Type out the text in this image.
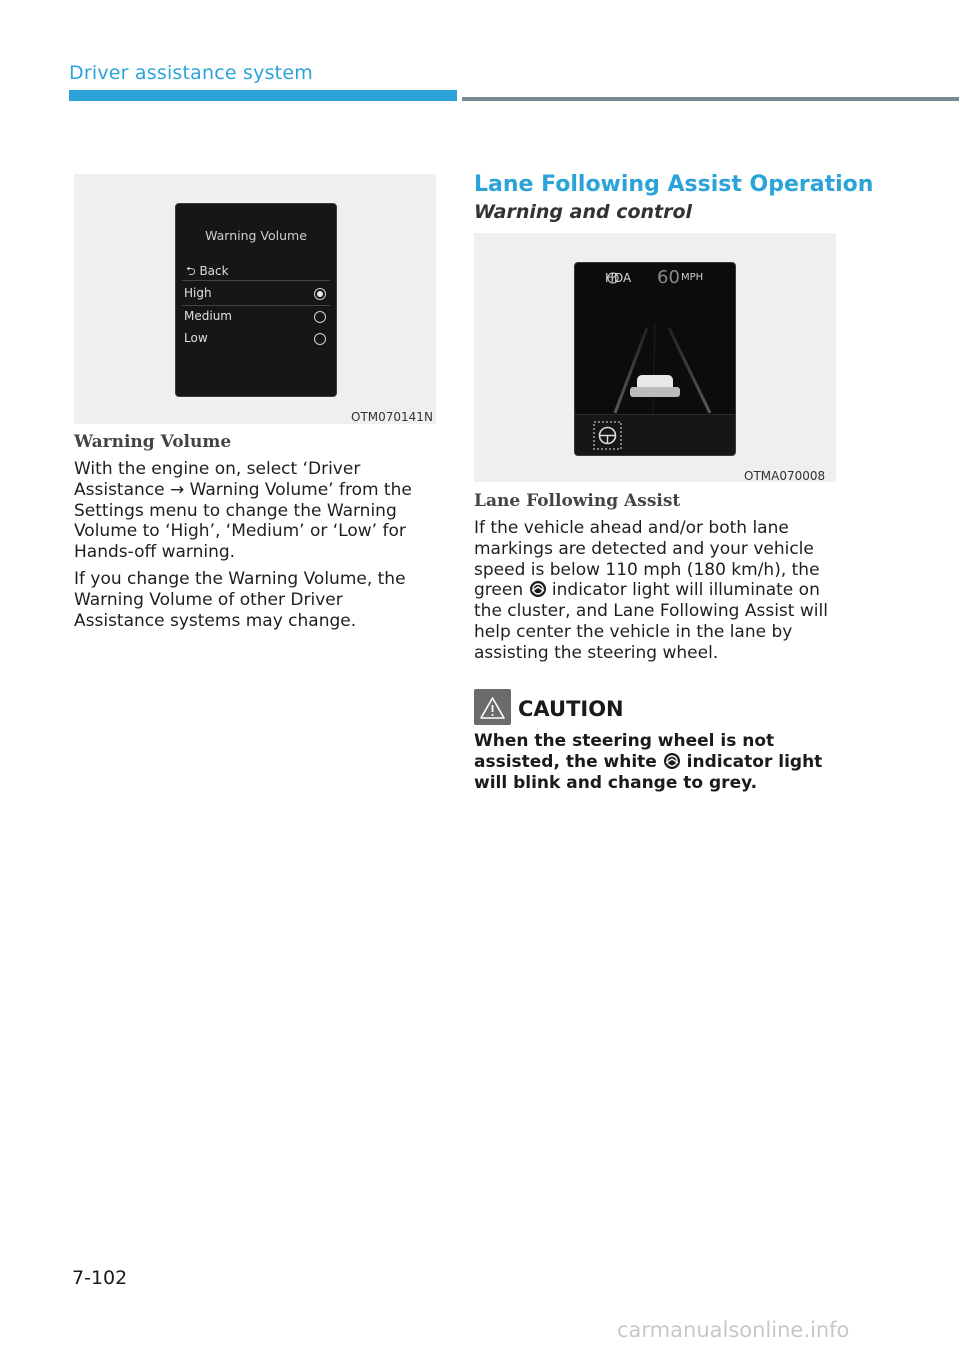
Driver assistance system
Warning Volume
⮌ Back
High
Medium
Low
OTM070141N
Warning Volume

With the engine on, select ‘Driver Assistance → Warning Volume’ from the Settings menu to change the Warning Volume to ‘High’, ‘Medium’ or ‘Low’ for Hands-off warning.

If you change the Warning Volume, the Warning Volume of other Driver Assistance systems may change.

Lane Following Assist Operation
Warning and control
HDA 60 MPH
OTMA070008
Lane Following Assist

If the vehicle ahead and/or both lane markings are detected and your vehicle speed is below 110 mph (180 km/h), the green indicator light will illuminate on the cluster, and Lane Following Assist will help center the vehicle in the lane by assisting the steering wheel.

CAUTION
When the steering wheel is not assisted, the white indicator light will blink and change to grey.
7-102
carmanualsonline.info
